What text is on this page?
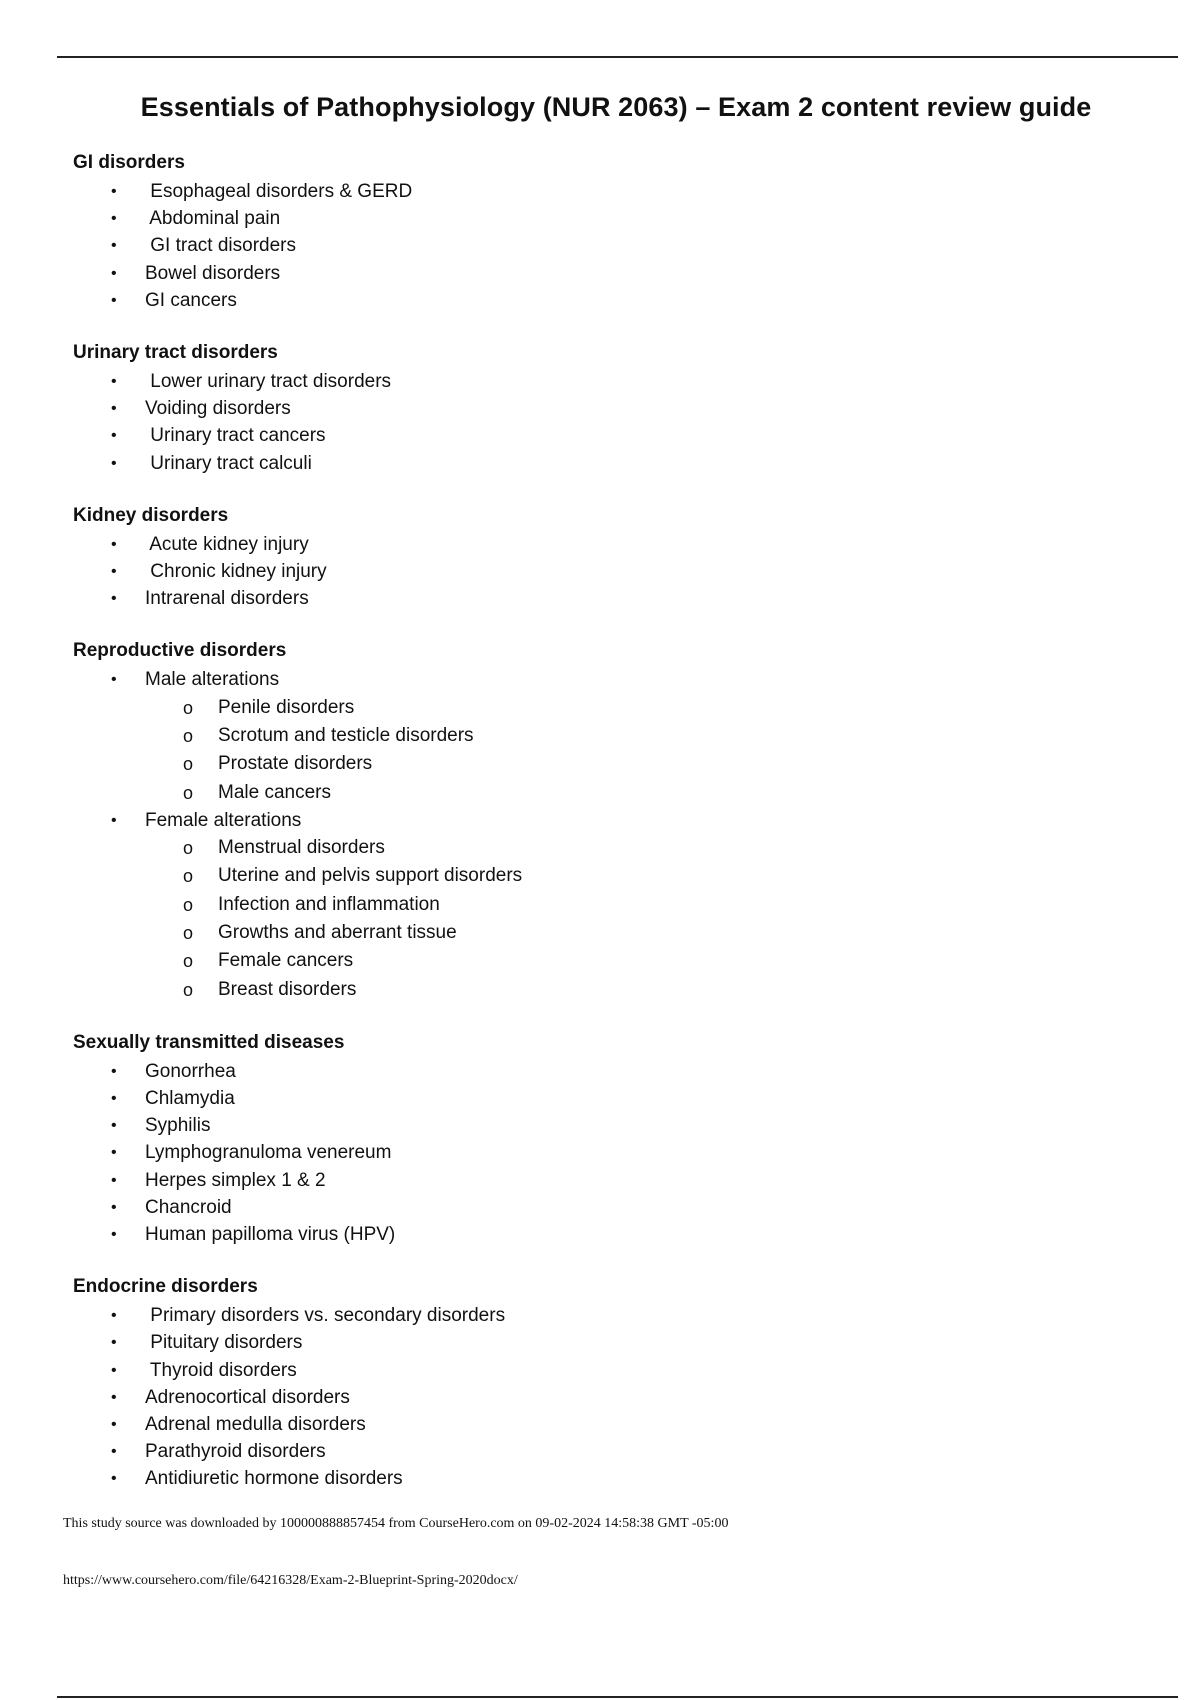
Essentials of Pathophysiology (NUR 2063) – Exam 2 content review guide
GI disorders
• Esophageal disorders & GERD
• Abdominal pain
• GI tract disorders
• Bowel disorders
• GI cancers
Urinary tract disorders
• Lower urinary tract disorders
• Voiding disorders
• Urinary tract cancers
• Urinary tract calculi
Kidney disorders
• Acute kidney injury
• Chronic kidney injury
• Intrarenal disorders
Reproductive disorders
• Male alterations
o Penile disorders
o Scrotum and testicle disorders
o Prostate disorders
o Male cancers
• Female alterations
o Menstrual disorders
o Uterine and pelvis support disorders
o Infection and inflammation
o Growths and aberrant tissue
o Female cancers
o Breast disorders
Sexually transmitted diseases
• Gonorrhea
• Chlamydia
• Syphilis
• Lymphogranuloma venereum
• Herpes simplex 1 & 2
• Chancroid
• Human papilloma virus (HPV)
Endocrine disorders
• Primary disorders vs. secondary disorders
• Pituitary disorders
• Thyroid disorders
• Adrenocortical disorders
• Adrenal medulla disorders
• Parathyroid disorders
• Antidiuretic hormone disorders
This study source was downloaded by 100000888857454 from CourseHero.com on 09-02-2024 14:58:38 GMT -05:00
https://www.coursehero.com/file/64216328/Exam-2-Blueprint-Spring-2020docx/
